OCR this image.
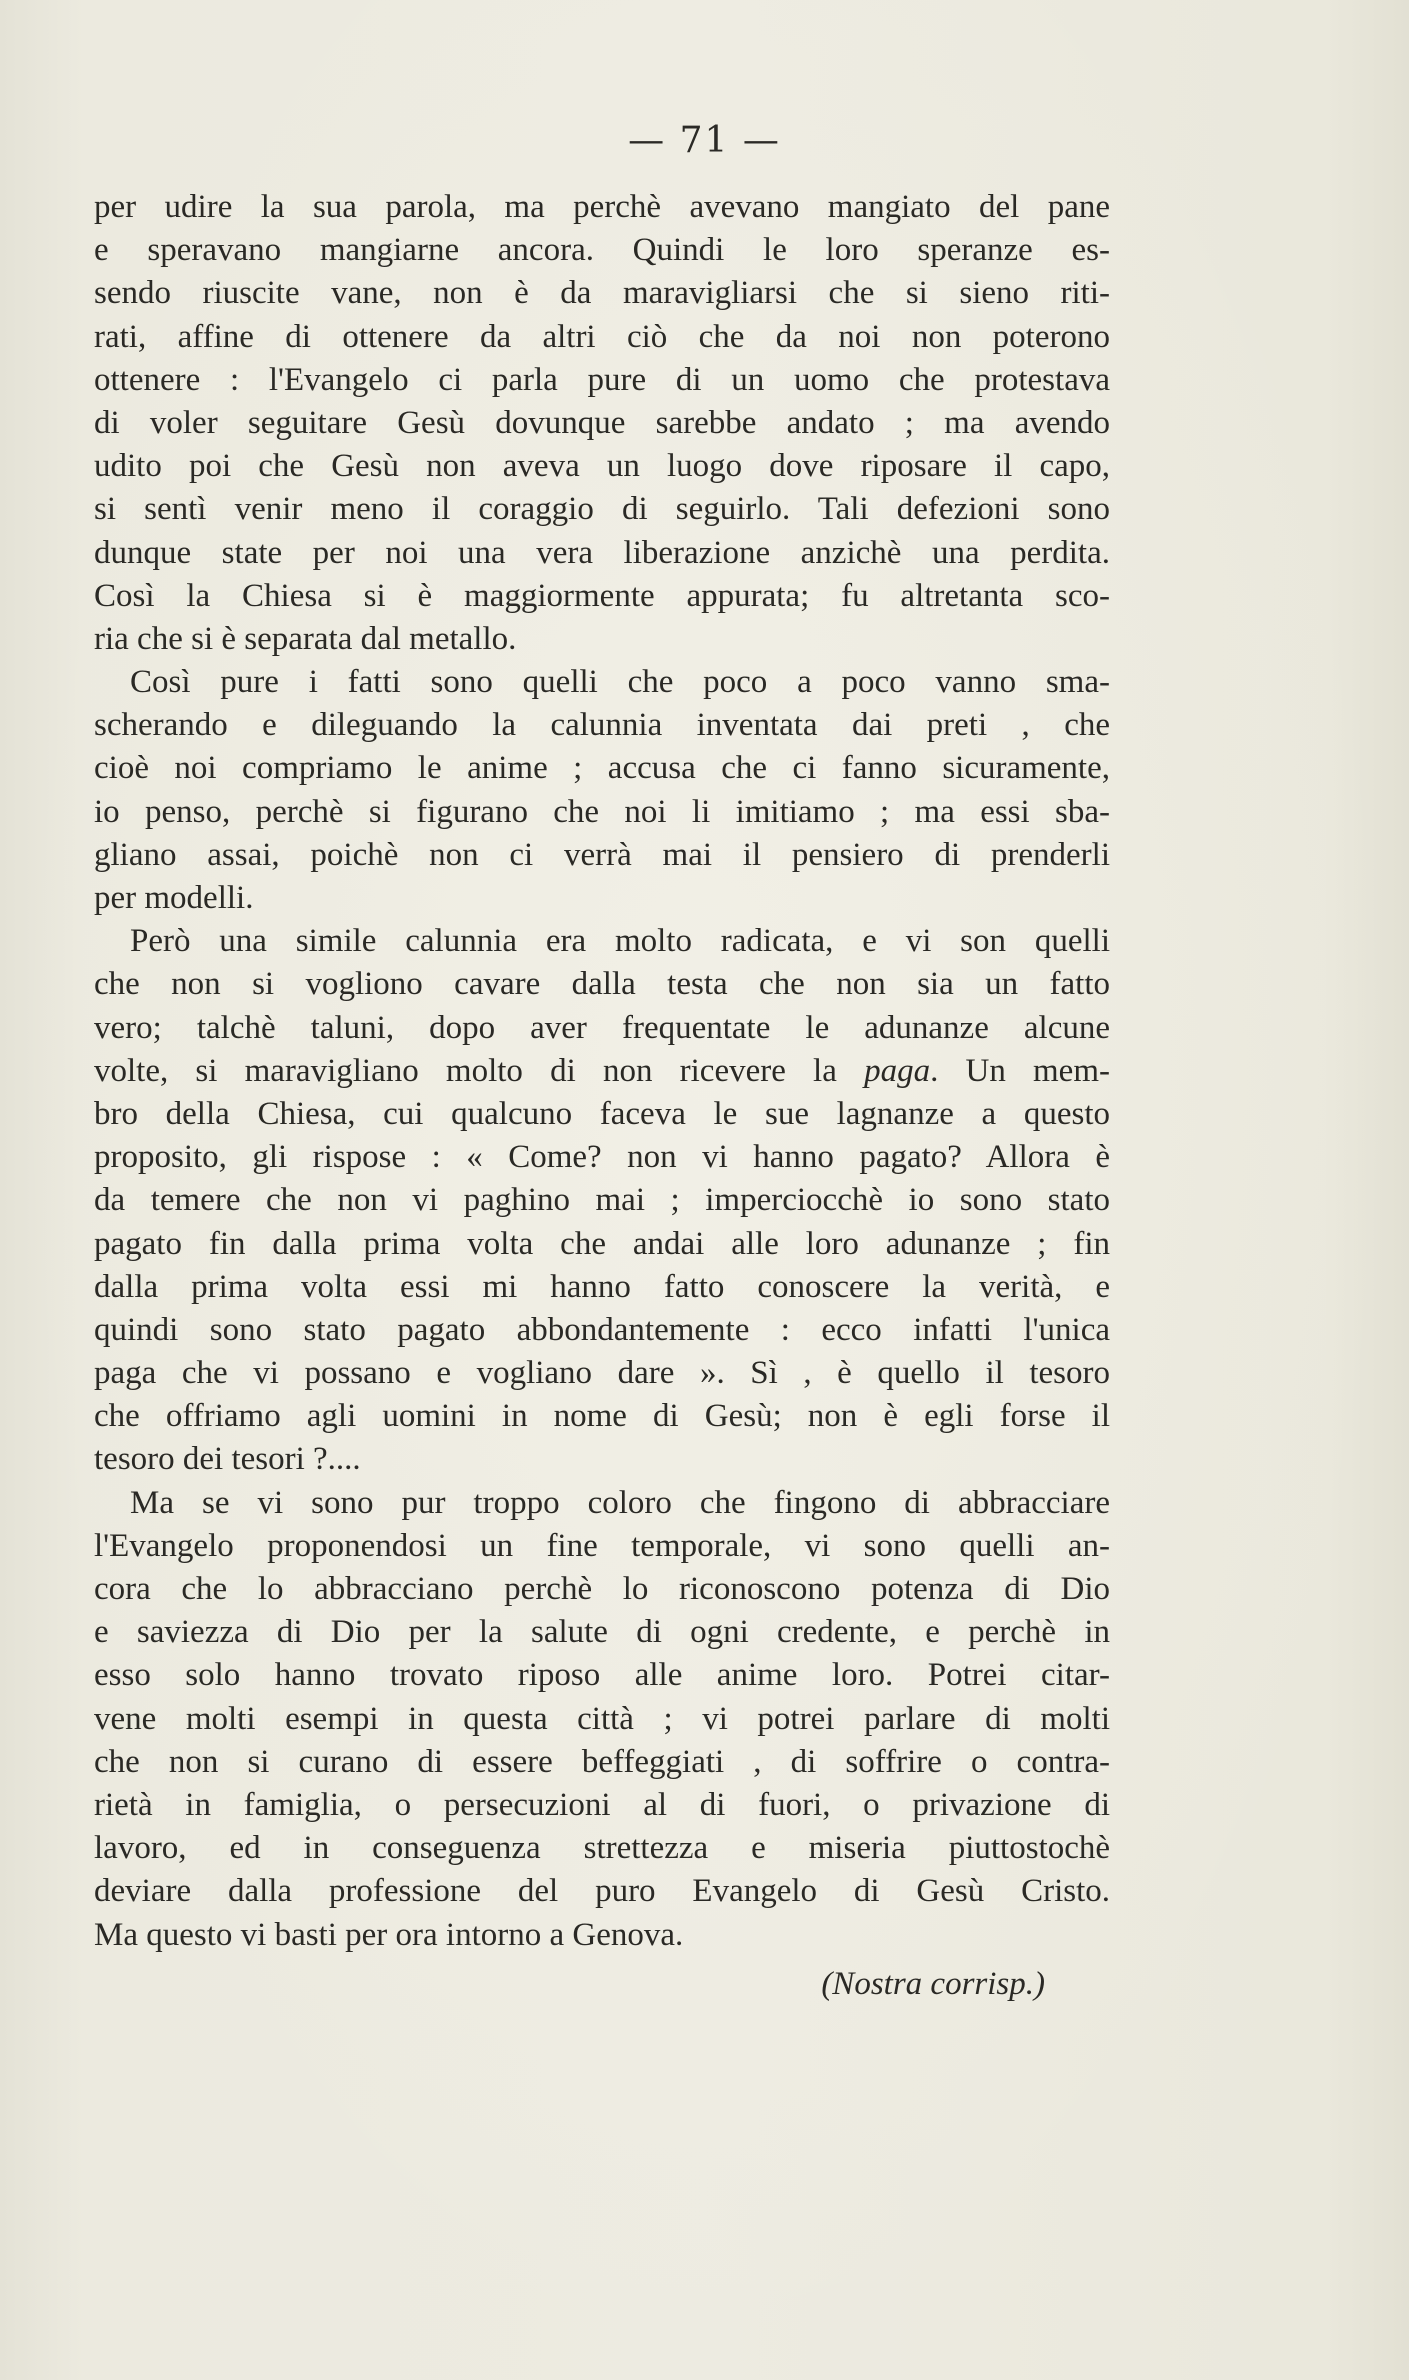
— 71 —
per udire la sua parola, ma perchè avevano mangiato del pane
e speravano mangiarne ancora. Quindi le loro speranze es-
sendo riuscite vane, non è da maravigliarsi che si sieno riti-
rati, affine di ottenere da altri ciò che da noi non poterono
ottenere : l'Evangelo ci parla pure di un uomo che protestava
di voler seguitare Gesù dovunque sarebbe andato ; ma avendo
udito poi che Gesù non aveva un luogo dove riposare il capo,
si sentì venir meno il coraggio di seguirlo. Tali defezioni sono
dunque state per noi una vera liberazione anzichè una perdita.
Così la Chiesa si è maggiormente appurata; fu altretanta sco-
ria che si è separata dal metallo.
Così pure i fatti sono quelli che poco a poco vanno sma-
scherando e dileguando la calunnia inventata dai preti , che
cioè noi compriamo le anime ; accusa che ci fanno sicuramente,
io penso, perchè si figurano che noi li imitiamo ; ma essi sba-
gliano assai, poichè non ci verrà mai il pensiero di prenderli
per modelli.
Però una simile calunnia era molto radicata, e vi son quelli
che non si vogliono cavare dalla testa che non sia un fatto
vero; talchè taluni, dopo aver frequentate le adunanze alcune
volte, si maravigliano molto di non ricevere la paga. Un mem-
bro della Chiesa, cui qualcuno faceva le sue lagnanze a questo
proposito, gli rispose : « Come? non vi hanno pagato? Allora è
da temere che non vi paghino mai ; imperciocchè io sono stato
pagato fin dalla prima volta che andai alle loro adunanze ; fin
dalla prima volta essi mi hanno fatto conoscere la verità, e
quindi sono stato pagato abbondantemente : ecco infatti l'unica
paga che vi possano e vogliano dare ». Sì , è quello il tesoro
che offriamo agli uomini in nome di Gesù; non è egli forse il
tesoro dei tesori ?....
Ma se vi sono pur troppo coloro che fingono di abbracciare
l'Evangelo proponendosi un fine temporale, vi sono quelli an-
cora che lo abbracciano perchè lo riconoscono potenza di Dio
e saviezza di Dio per la salute di ogni credente, e perchè in
esso solo hanno trovato riposo alle anime loro. Potrei citar-
vene molti esempi in questa città ; vi potrei parlare di molti
che non si curano di essere beffeggiati , di soffrire o contra-
rietà in famiglia, o persecuzioni al di fuori, o privazione di
lavoro, ed in conseguenza strettezza e miseria piuttostochè
deviare dalla professione del puro Evangelo di Gesù Cristo.
Ma questo vi basti per ora intorno a Genova.
(Nostra corrisp.)
